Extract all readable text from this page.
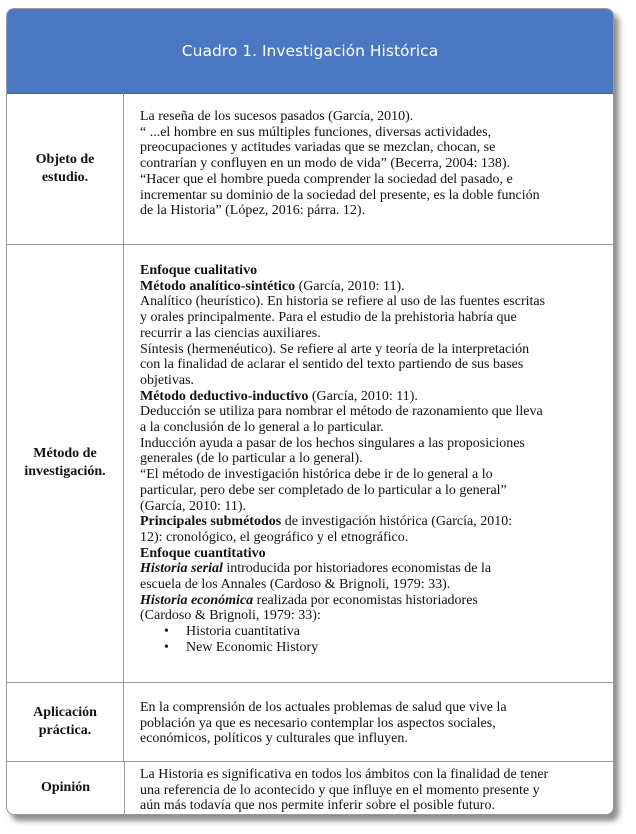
Cuadro 1. Investigación Histórica
Objeto de estudio.

La reseña de los sucesos pasados (García, 2010).

“ ...el hombre en sus múltiples funciones, diversas actividades,

preocupaciones y actitudes variadas que se mezclan, chocan, se

contrarían y confluyen en un modo de vida” (Becerra, 2004: 138).

“Hacer que el hombre pueda comprender la sociedad del pasado, e

incrementar su dominio de la sociedad del presente, es la doble función

de la Historia” (López, 2016: párra. 12).

Método de investigación.

Enfoque cualitativo

Método analítico-sintético (García, 2010: 11).

Analítico (heurístico). En historia se refiere al uso de las fuentes escritas

y orales principalmente. Para el estudio de la prehistoria habría que

recurrir a las ciencias auxiliares.

Síntesis (hermenéutico). Se refiere al arte y teoría de la interpretación

con la finalidad de aclarar el sentido del texto partiendo de sus bases

objetivas.

Método deductivo-inductivo (García, 2010: 11).

Deducción se utiliza para nombrar el método de razonamiento que lleva

a la conclusión de lo general a lo particular.

Inducción ayuda a pasar de los hechos singulares a las proposiciones

generales (de lo particular a lo general).

“El método de investigación histórica debe ir de lo general a lo

particular, pero debe ser completado de lo particular a lo general”

(García, 2010: 11).

Principales submétodos de investigación histórica (García, 2010:

12): cronológico, el geográfico y el etnográfico.

Enfoque cuantitativo

Historia serial introducida por historiadores economistas de la

escuela de los Annales (Cardoso & Brignoli, 1979: 33).

Historia económica realizada por economistas historiadores

(Cardoso & Brignoli, 1979: 33):

• Historia cuantitativa
• New Economic History
Aplicación práctica.

En la comprensión de los actuales problemas de salud que vive la

población ya que es necesario contemplar los aspectos sociales,

económicos, políticos y culturales que influyen.

Opinión

La Historia es significativa en todos los ámbitos con la finalidad de tener

una referencia de lo acontecido y que influye en el momento presente y

aún más todavía que nos permite inferir sobre el posible futuro.
